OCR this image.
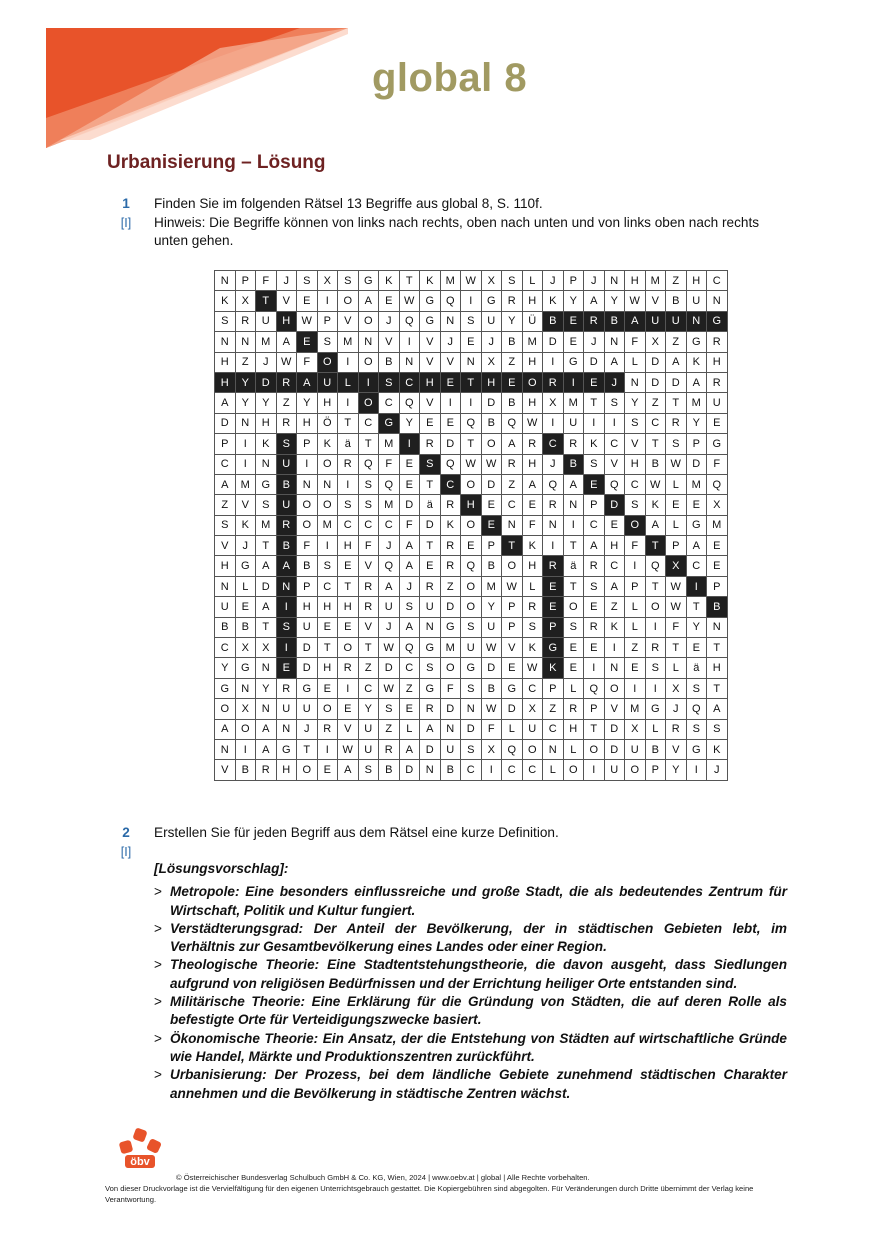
global 8
Urbanisierung – Lösung
1
[I]
Finden Sie im folgenden Rätsel 13 Begriffe aus global 8, S. 110f.
Hinweis: Die Begriffe können von links nach rechts, oben nach unten und von links oben nach rechts unten gehen.
N	P	F	J	S	X	S	G	K	T	K	M W	X	S	L	J	P	J	N	H	M	Z	H	C
K	X	T	V	E	I	O	A	E	W	G	Q	I	G	R	H	K	Y	A	Y	W	V	B	U	N
S	R	U	H	W	P	V	O	J	Q	G	N	S	U	Y	Ü	B	E	R	B	A	U	U	N	G
N	N	M	A	E	S	M	N	V	I	V	J	E	J	B	M	D	E	J	N	F	X	Z	G	R
H	Z	J	W	F	O	I	O	B	N	V	V	N	X	Z	H	I	G	D	A	L	D	A	K	H
H	Y	D	R	A	U	L	I	S	C	H	E	T	H	E	O	R	I	E	J	N	D	D	A	R
A	Y	Y	Z	Y	H	I	O	C	Q	V	I	I	D	B	H	X	M	T	S	Y	Z	T	M	U
D	N	H	R	H	Ö	T	C	G	Y	E	E	Q	B	Q	W	I	U	I	I	S	C	R	Y	E
P	I	K	S	P	K	ä	T	M	I	R	D	T	O	A	R	C	R	K	C	V	T	S	P	G
C	I	N	U	I	O	R	Q	F	E	S	Q	W W	R	H	J	B	S	V	H	B	W	D	F
A	M	G	B	N	N	I	S	Q	E	T	C	O	D	Z	A	Q	A	E	Q	C	W	L	M	Q
Z	V	S	U	O	O	S	S	M	D	ä	R	H	E	C	E	R	N	P	D	S	K	E	E	X
S	K	M	R	O	M	C	C	C	F	D	K	O	E	N	F	N	I	C	E	O	A	L	G	M
V	J	T	B	F	I	H	F	J	A	T	R	E	P	T	K	I	T	A	H	F	T	P	A	E
H	G	A	A	B	S	E	V	Q	A	E	R	Q	B	O	H	R	ä	R	C	I	Q	X	C	E
N	L	D	N	P	C	T	R	A	J	R	Z	O	M W	L	E	T	S	A	P	T	W	I	P
U	E	A	I	H	H	H	R	U	S	U	D	O	Y	P	R	E	O	E	Z	L	O	W	T	B
B	B	T	S	U	E	E	V	J	A	N	G	S	U	P	S	P	S	R	K	L	I	F	Y	N
C	X	X	I	D	T	O	T	W	Q	G	M	U	W	V	K	G	E	E	I	Z	R	T	E	T
Y	G	N	E	D	H	R	Z	D	C	S	O	G	D	E	W	K	E	I	N	E	S	L	ä	H
G	N	Y	R	G	E	I	C	W	Z	G	F	S	B	G	C	P	L	Q	O	I	I	X	S	T
O	X	N	U	U	O	E	Y	S	E	R	D	N	W	D	X	Z	R	P	V	M	G	J	Q	A
A	O	A	N	J	R	V	U	Z	L	A	N	D	F	L	U	C	H	T	D	X	L	R	S	S
N	I	A	G	T	I	W	U	R	A	D	U	S	X	Q	O	N	L	O	D	U	B	V	G	K
V	B	R	H	O	E	A	S	B	D	N	B	C	I	C	C	L	O	I	U	O	P	Y	I	J
2
[I]
Erstellen Sie für jeden Begriff aus dem Rätsel eine kurze Definition.
[Lösungsvorschlag]:
> Metropole: Eine besonders einflussreiche und große Stadt, die als bedeutendes Zentrum für Wirtschaft, Politik und Kultur fungiert.
> Verstädterungsgrad: Der Anteil der Bevölkerung, der in städtischen Gebieten lebt, im Verhältnis zur Gesamtbevölkerung eines Landes oder einer Region.
> Theologische Theorie: Eine Stadtentstehungstheorie, die davon ausgeht, dass Siedlungen aufgrund von religiösen Bedürfnissen und der Errichtung heiliger Orte entstanden sind.
> Militärische Theorie: Eine Erklärung für die Gründung von Städten, die auf deren Rolle als befestigte Orte für Verteidigungszwecke basiert.
> Ökonomische Theorie: Ein Ansatz, der die Entstehung von Städten auf wirtschaftliche Gründe wie Handel, Märkte und Produktionszentren zurückführt.
> Urbanisierung: Der Prozess, bei dem ländliche Gebiete zunehmend städtischen Charakter annehmen und die Bevölkerung in städtische Zentren wächst.
öbv
© Österreichischer Bundesverlag Schulbuch GmbH & Co. KG, Wien, 2024 | www.oebv.at | global | Alle Rechte vorbehalten.
Von dieser Druckvorlage ist die Vervielfältigung für den eigenen Unterrichtsgebrauch gestattet. Die Kopiergebühren sind abgegolten. Für Veränderungen durch Dritte übernimmt der Verlag keine Verantwortung.
